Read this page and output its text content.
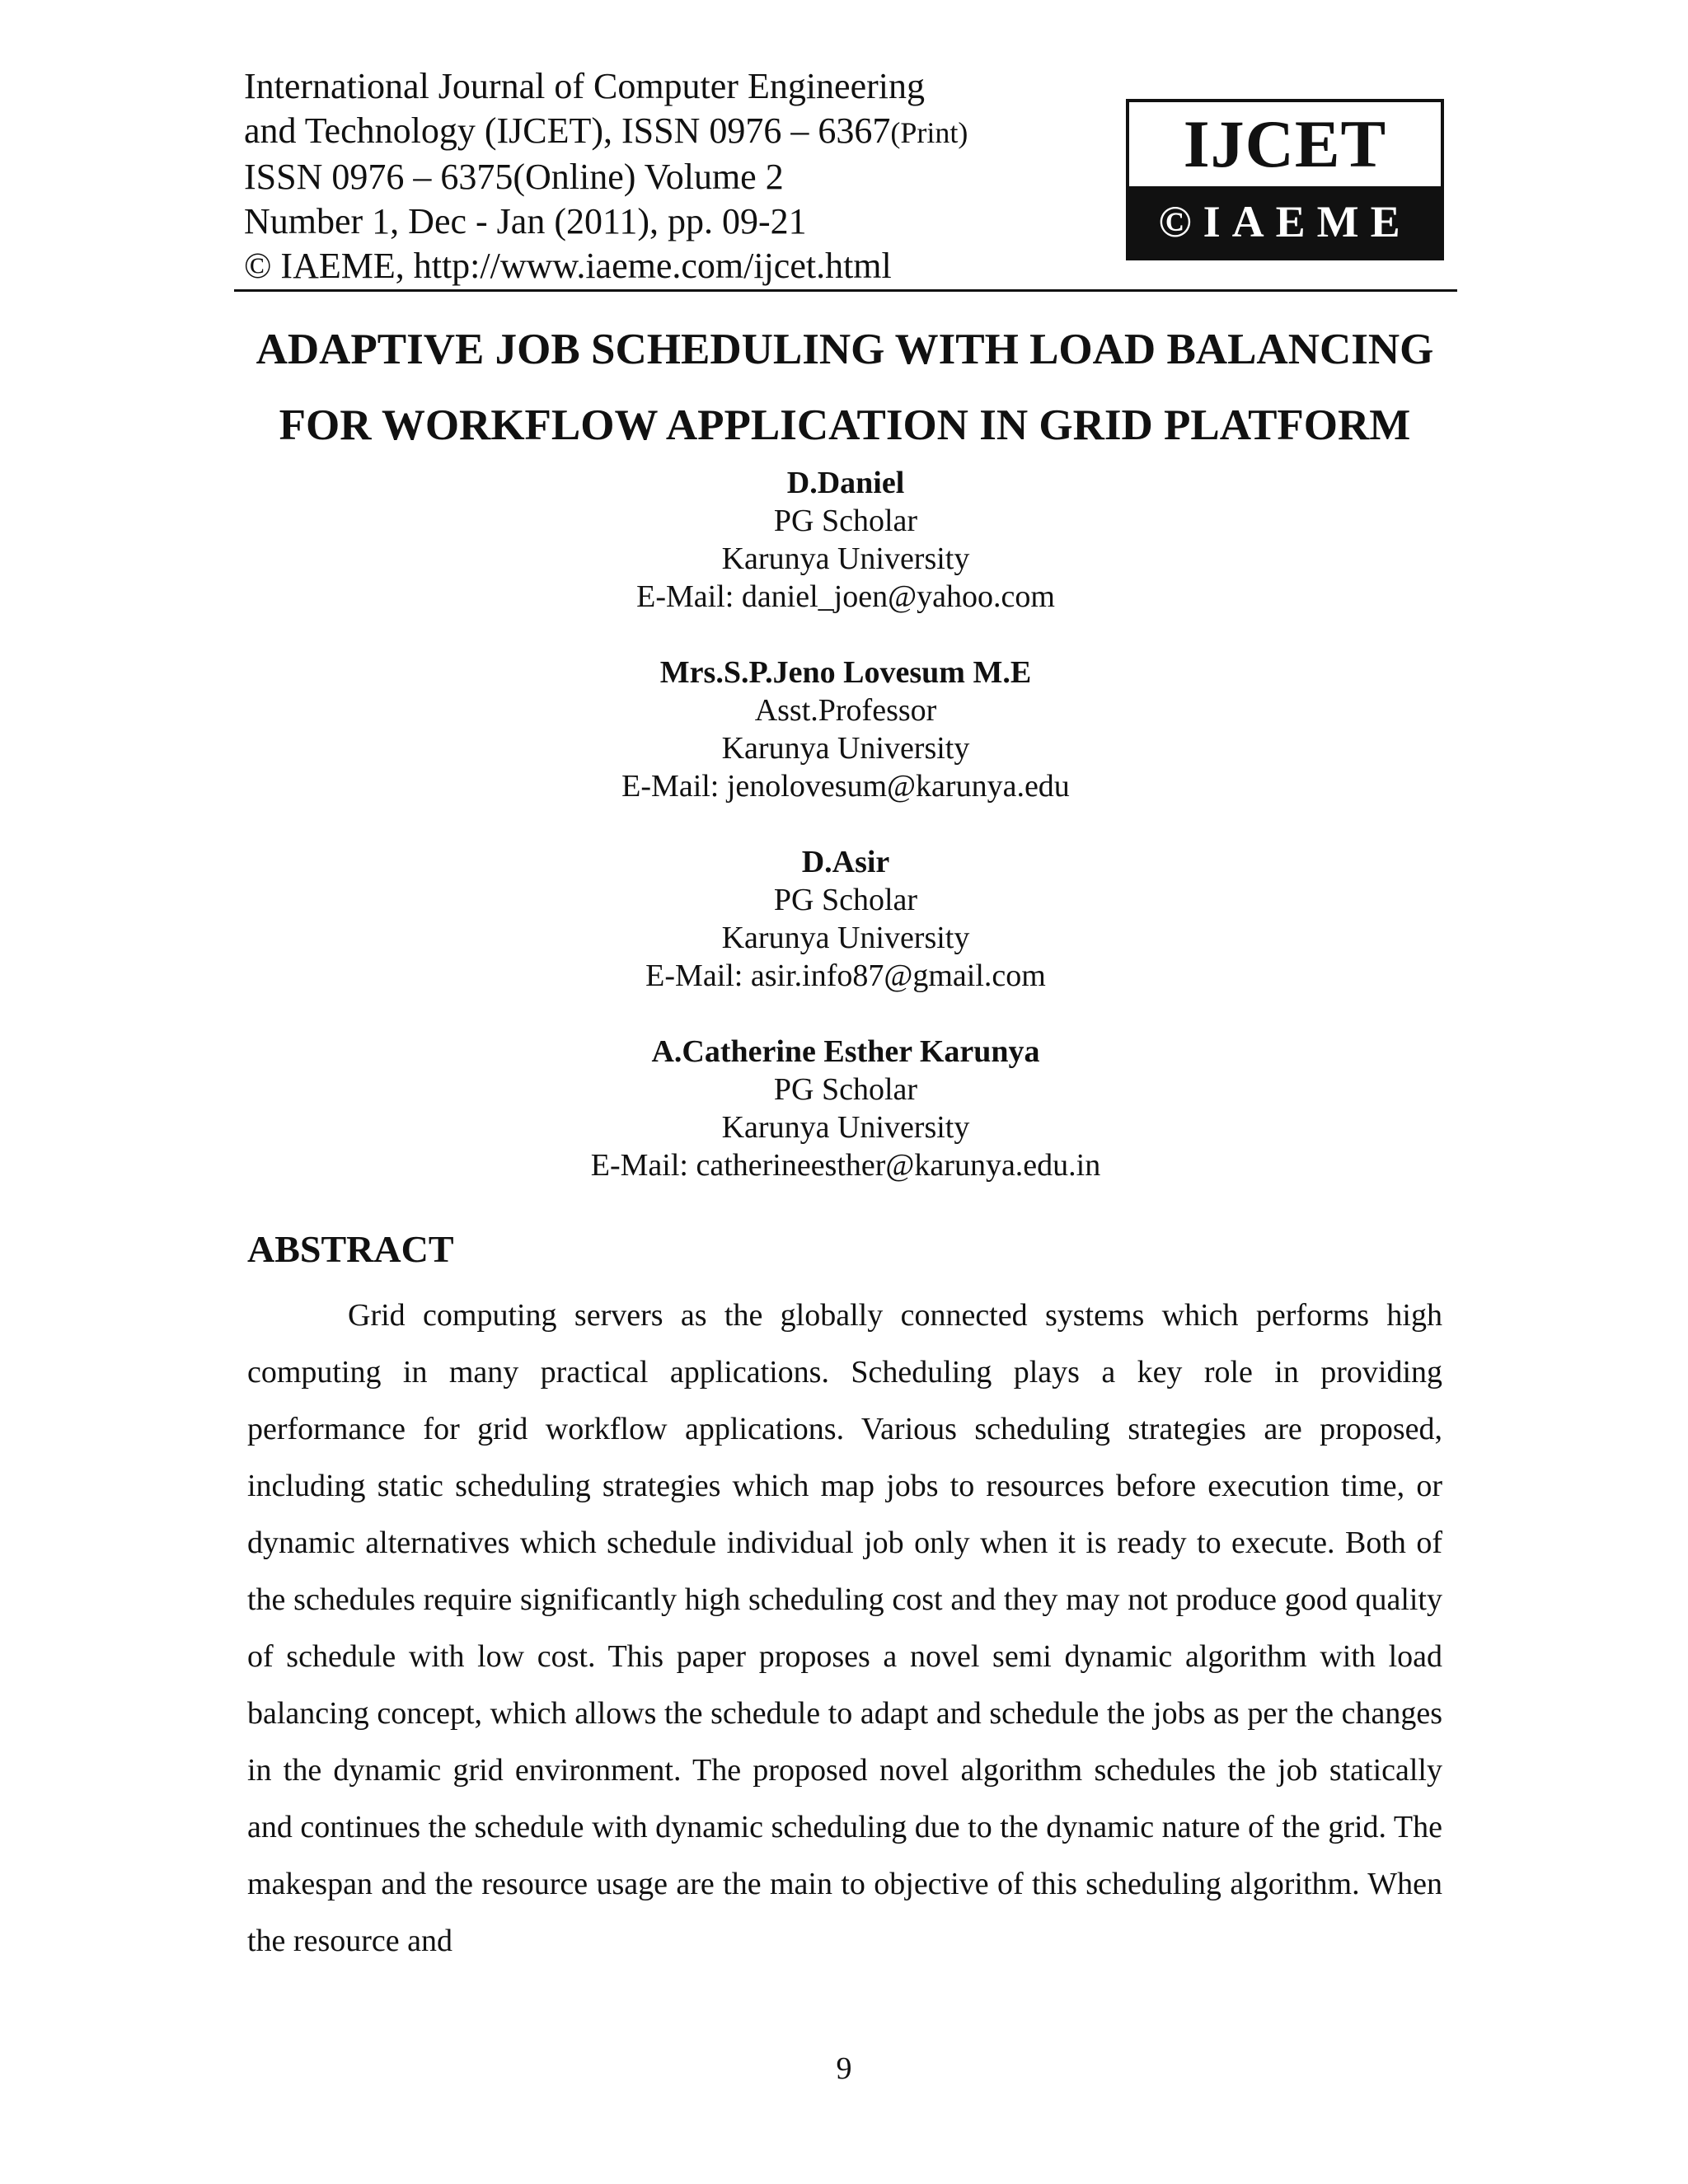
International Journal of Computer Engineering
and Technology (IJCET), ISSN 0976 – 6367(Print)
ISSN 0976 – 6375(Online) Volume 2
Number 1, Dec - Jan (2011), pp. 09-21
© IAEME, http://www.iaeme.com/ijcet.html
IJCET
©IAEME
ADAPTIVE JOB SCHEDULING WITH LOAD BALANCING
FOR WORKFLOW APPLICATION IN GRID PLATFORM
D.Daniel
PG Scholar
Karunya University
E-Mail: daniel_joen@yahoo.com
Mrs.S.P.Jeno Lovesum M.E
Asst.Professor
Karunya University
E-Mail: jenolovesum@karunya.edu
D.Asir
PG Scholar
Karunya University
E-Mail: asir.info87@gmail.com
A.Catherine Esther Karunya
PG Scholar
Karunya University
E-Mail: catherineesther@karunya.edu.in
ABSTRACT
Grid computing servers as the globally connected systems which performs high computing in many practical applications. Scheduling plays a key role in providing performance for grid workflow applications. Various scheduling strategies are proposed, including static scheduling strategies which map jobs to resources before execution time, or dynamic alternatives which schedule individual job only when it is ready to execute. Both of the schedules require significantly high scheduling cost and they may not produce good quality of schedule with low cost. This paper proposes a novel semi dynamic algorithm with load balancing concept, which allows the schedule to adapt and schedule the jobs as per the changes in the dynamic grid environment. The proposed novel algorithm schedules the job statically and continues the schedule with dynamic scheduling due to the dynamic nature of the grid. The makespan and the resource usage are the main to objective of this scheduling algorithm. When the resource and
9
